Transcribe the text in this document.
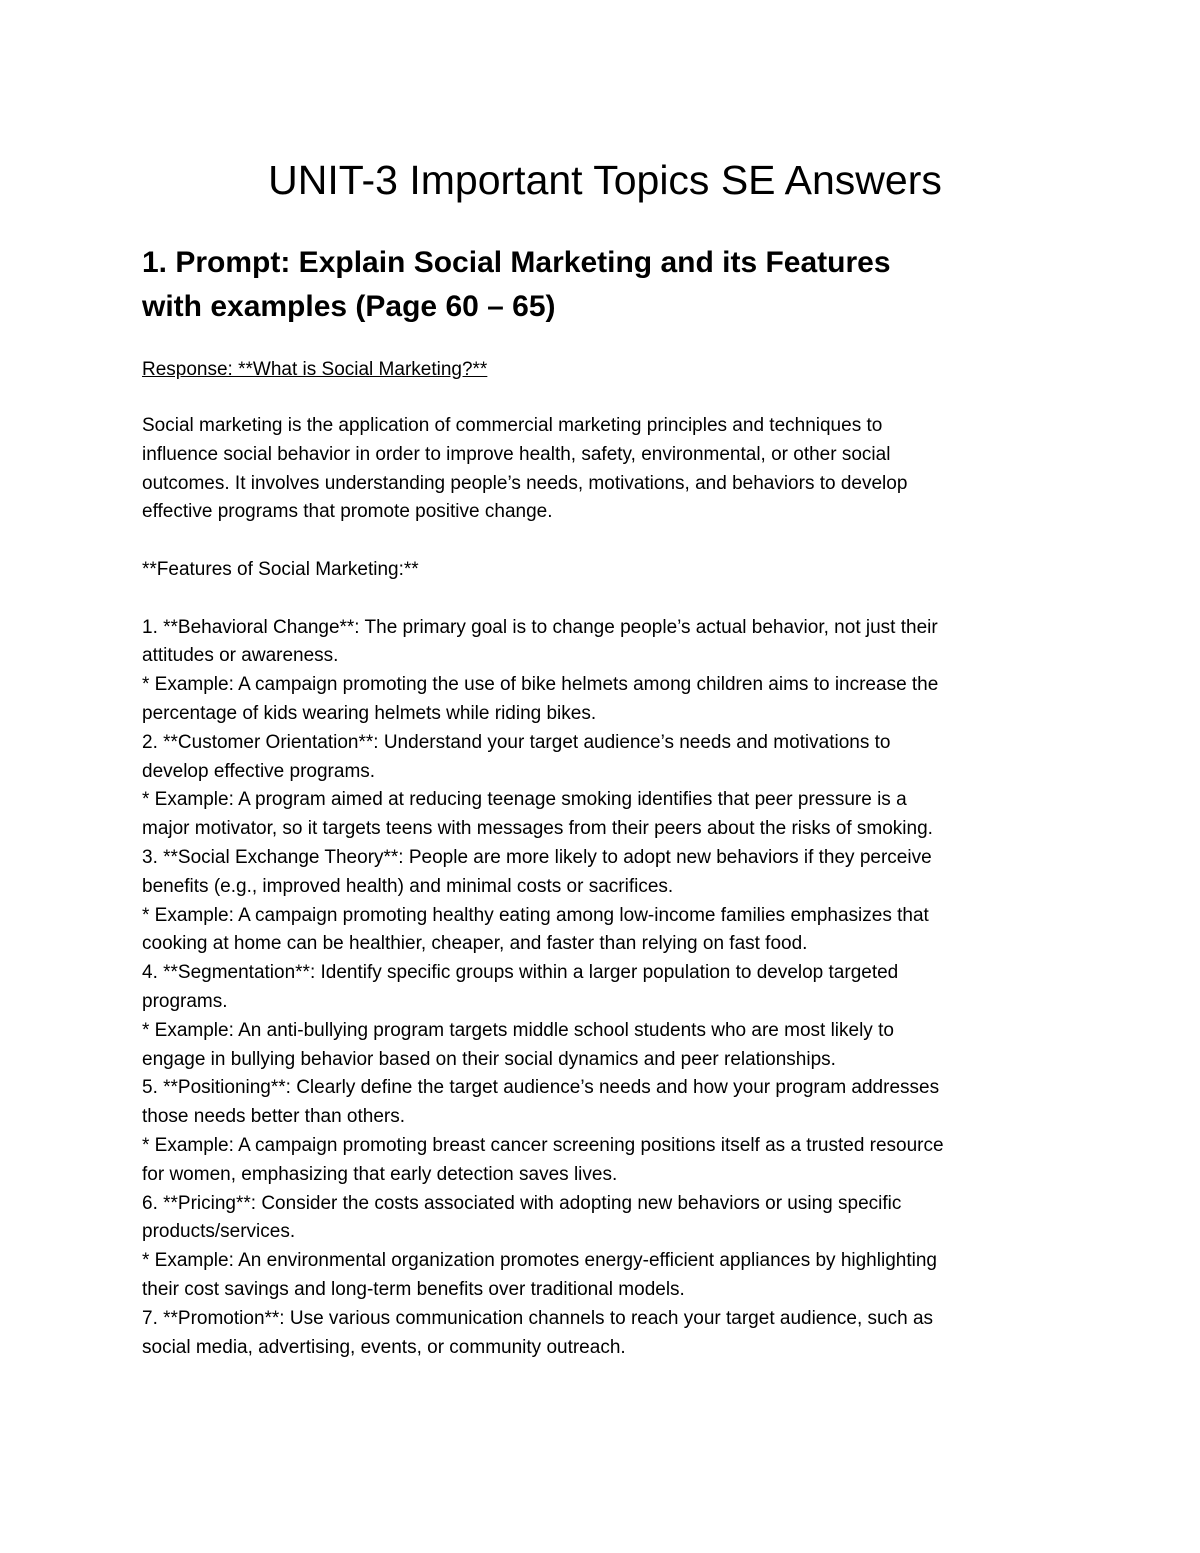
UNIT-3 Important Topics SE Answers
1. Prompt: Explain Social Marketing and its Features
with examples (Page 60 – 65)
Response: **What is Social Marketing?**
Social marketing is the application of commercial marketing principles and techniques to
influence social behavior in order to improve health, safety, environmental, or other social
outcomes. It involves understanding people’s needs, motivations, and behaviors to develop
effective programs that promote positive change.
**Features of Social Marketing:**
1. **Behavioral Change**: The primary goal is to change people’s actual behavior, not just their
attitudes or awareness.
* Example: A campaign promoting the use of bike helmets among children aims to increase the
percentage of kids wearing helmets while riding bikes.
2. **Customer Orientation**: Understand your target audience’s needs and motivations to
develop effective programs.
* Example: A program aimed at reducing teenage smoking identifies that peer pressure is a
major motivator, so it targets teens with messages from their peers about the risks of smoking.
3. **Social Exchange Theory**: People are more likely to adopt new behaviors if they perceive
benefits (e.g., improved health) and minimal costs or sacrifices.
* Example: A campaign promoting healthy eating among low-income families emphasizes that
cooking at home can be healthier, cheaper, and faster than relying on fast food.
4. **Segmentation**: Identify specific groups within a larger population to develop targeted
programs.
* Example: An anti-bullying program targets middle school students who are most likely to
engage in bullying behavior based on their social dynamics and peer relationships.
5. **Positioning**: Clearly define the target audience’s needs and how your program addresses
those needs better than others.
* Example: A campaign promoting breast cancer screening positions itself as a trusted resource
for women, emphasizing that early detection saves lives.
6. **Pricing**: Consider the costs associated with adopting new behaviors or using specific
products/services.
* Example: An environmental organization promotes energy-efficient appliances by highlighting
their cost savings and long-term benefits over traditional models.
7. **Promotion**: Use various communication channels to reach your target audience, such as
social media, advertising, events, or community outreach.
